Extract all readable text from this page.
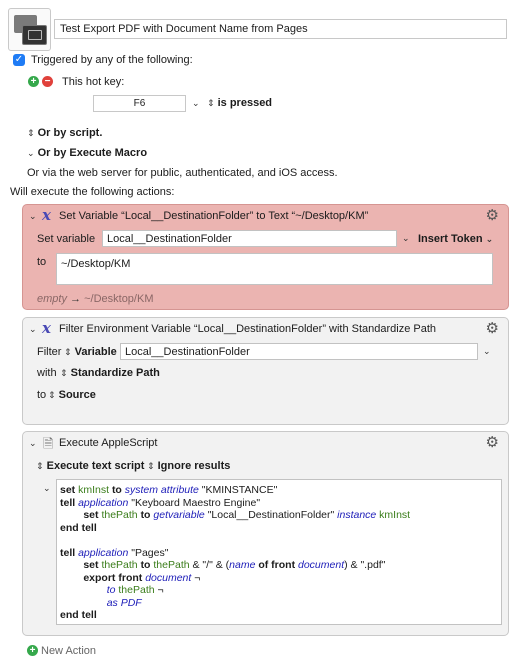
Test Export PDF with Document Name from Pages
✓ Triggered by any of the following:
+ − This hot key:
F6	⌄ ⇕ is pressed
⇕ Or by script.
⌄ Or by Execute Macro
Or via the web server for public, authenticated, and iOS access.
Will execute the following actions:
⌄ x Set Variable “Local__DestinationFolder” to Text “~/Desktop/KM”	⚙
Set variable	Local__DestinationFolder	⌄ Insert Token ⌄
to	~/Desktop/KM
empty → ~/Desktop/KM
⌄ x Filter Environment Variable “Local__DestinationFolder” with Standardize Path	⚙
Filter ⇕ Variable Local__DestinationFolder	⌄
with ⇕ Standardize Path
to ⇕ Source
⌄ 🗎 Execute AppleScript	⚙
⇕ Execute text script ⇕ Ignore results
⌄ set kmInst to system attribute "KMINSTANCE"
tell application "Keyboard Maestro Engine"
set thePath to getvariable "Local__DestinationFolder" instance kmInst
end tell
tell application "Pages"
set thePath to thePath & "/" & (name of front document) & ".pdf"
export front document ¬
to thePath ¬
as PDF
end tell
+ New Action
